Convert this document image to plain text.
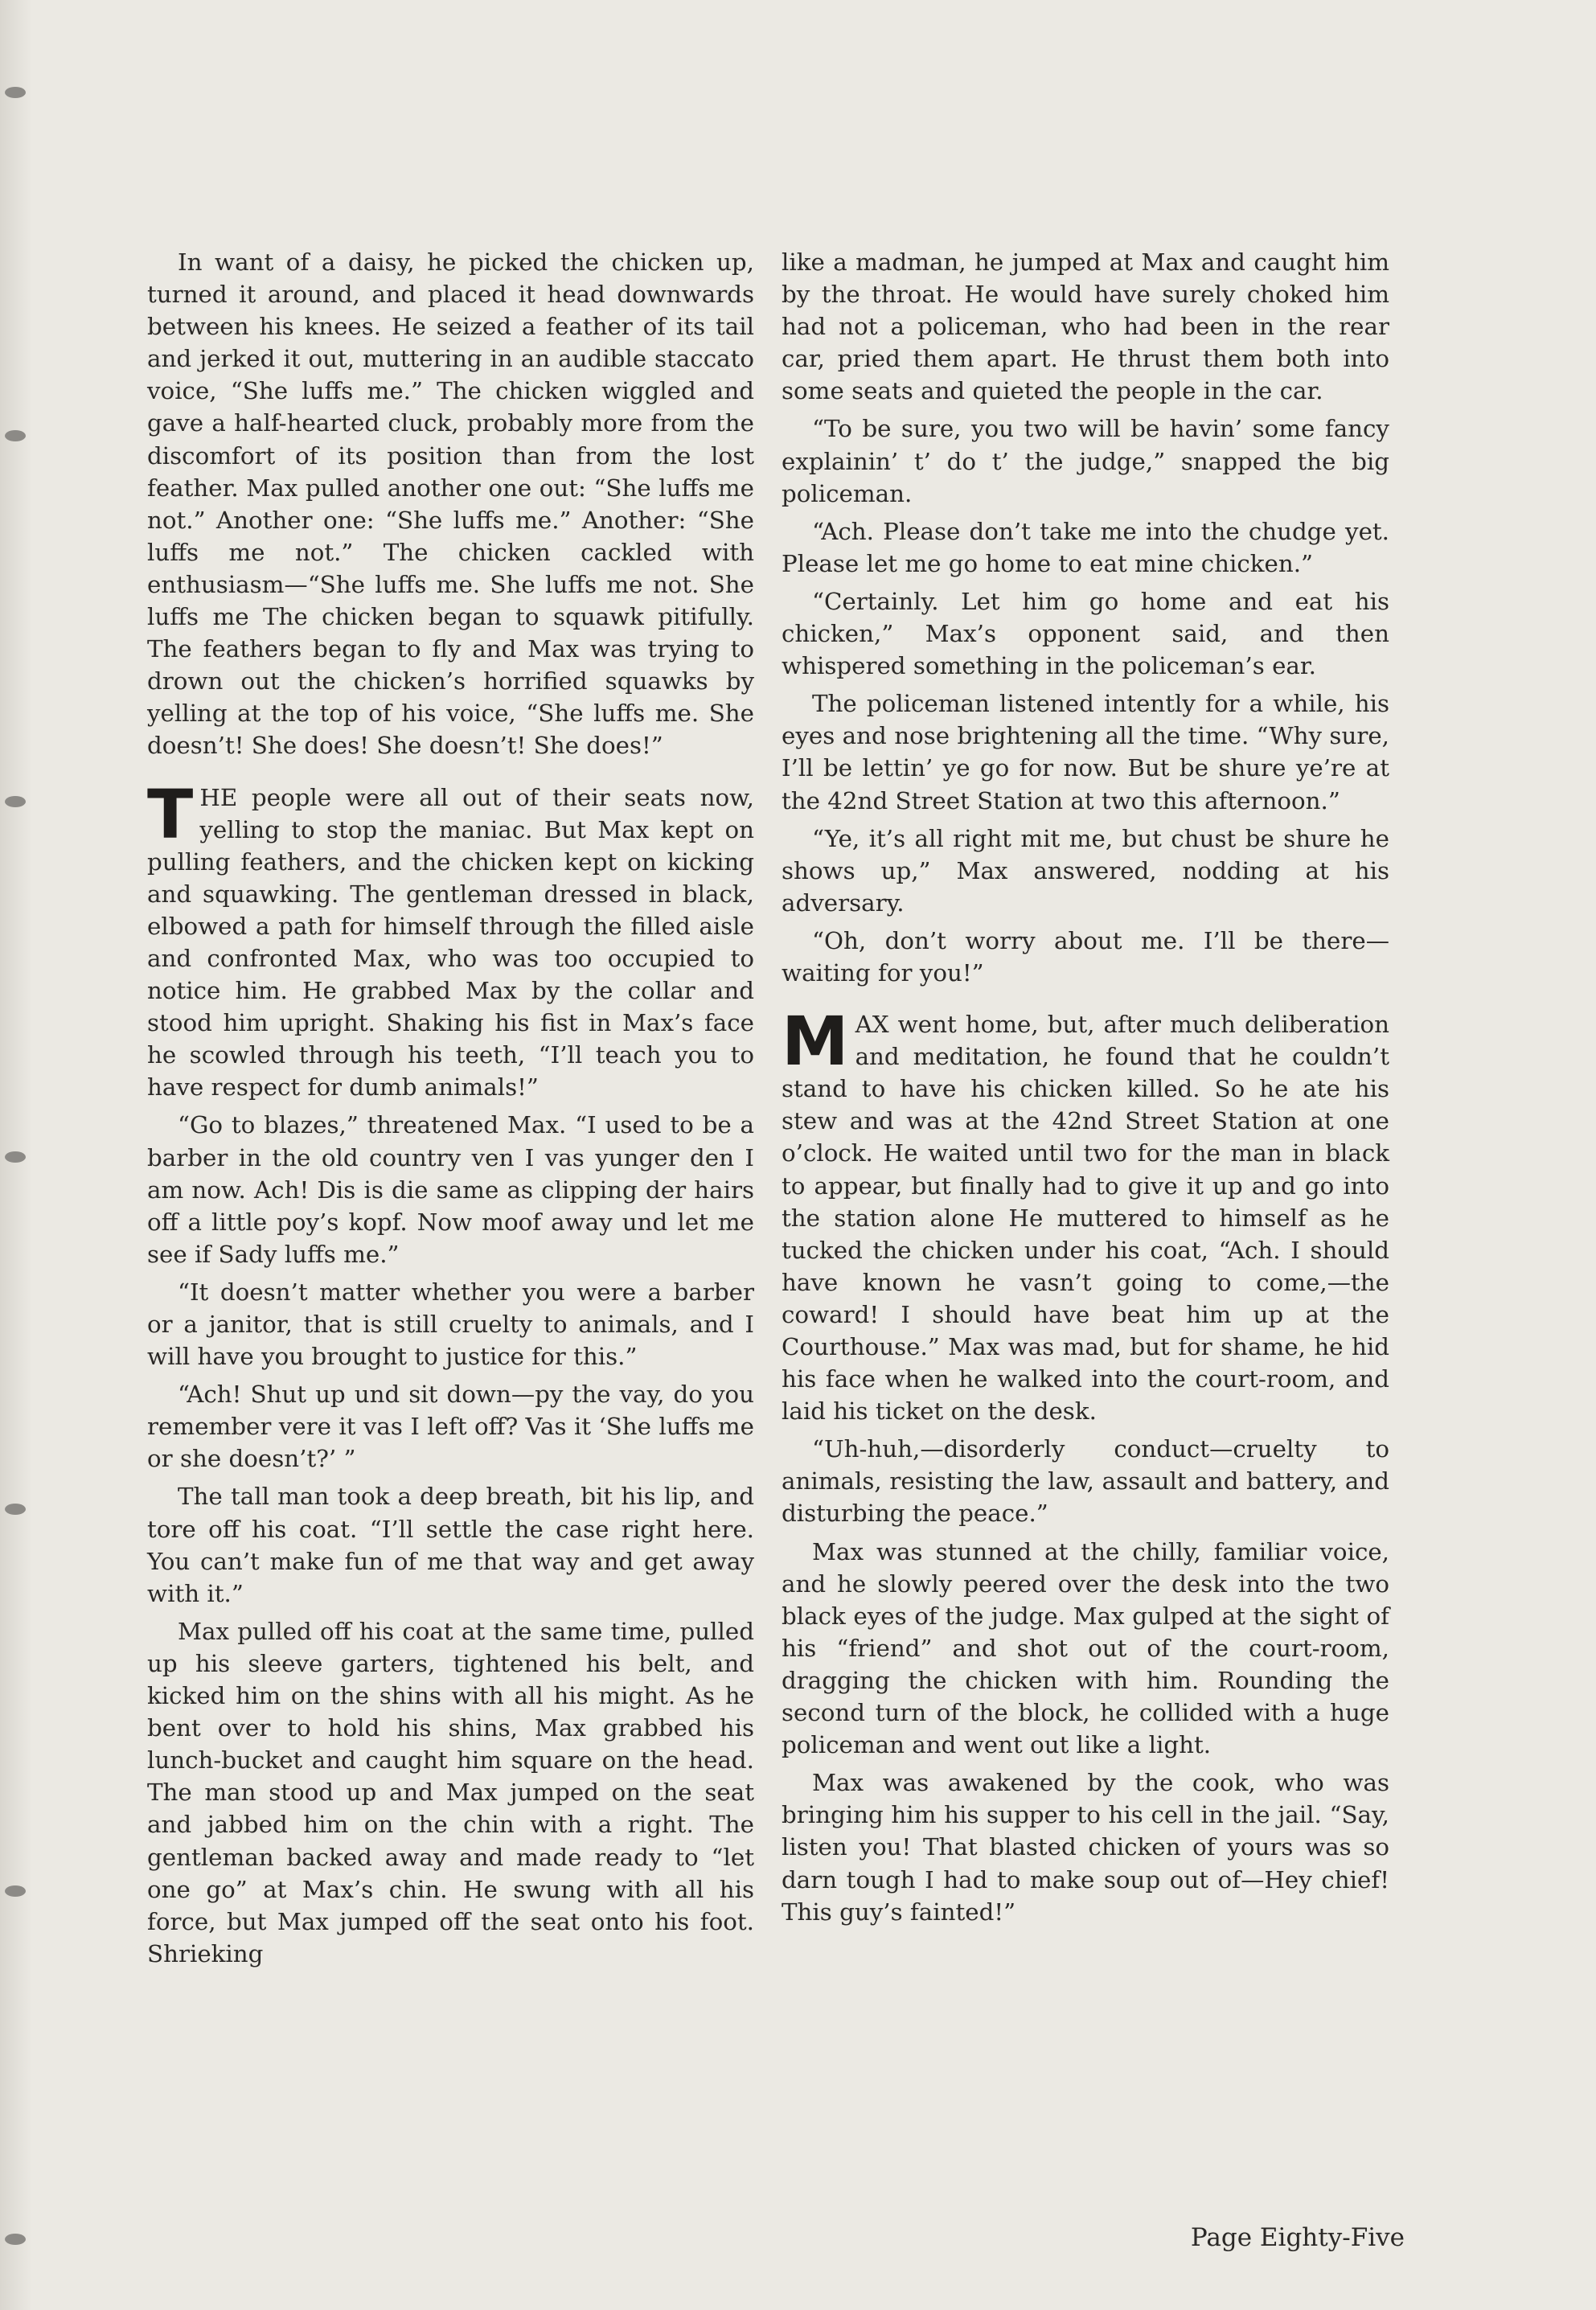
In want of a daisy, he picked the chicken up, turned it around, and placed it head downwards between his knees. He seized a feather of its tail and jerked it out, muttering in an audible staccato voice, “She luffs me.” The chicken wiggled and gave a half-hearted cluck, probably more from the discomfort of its position than from the lost feather. Max pulled another one out: “She luffs me not.” Another one: “She luffs me.” Another: “She luffs me not.” The chicken cackled with enthusiasm—“She luffs me. She luffs me not. She luffs me The chicken began to squawk pitifully. The feathers began to fly and Max was trying to drown out the chicken’s horrified squawks by yelling at the top of his voice, “She luffs me. She doesn’t! She does! She doesn’t! She does!”

THE people were all out of their seats now, yelling to stop the maniac. But Max kept on pulling feathers, and the chicken kept on kicking and squawking. The gentleman dressed in black, elbowed a path for himself through the filled aisle and confronted Max, who was too occupied to notice him. He grabbed Max by the collar and stood him upright. Shaking his fist in Max’s face he scowled through his teeth, “I’ll teach you to have respect for dumb animals!”

“Go to blazes,” threatened Max. “I used to be a barber in the old country ven I vas yunger den I am now. Ach! Dis is die same as clipping der hairs off a little poy’s kopf. Now moof away und let me see if Sady luffs me.”

“It doesn’t matter whether you were a barber or a janitor, that is still cruelty to animals, and I will have you brought to justice for this.”

“Ach! Shut up und sit down—py the vay, do you remember vere it vas I left off? Vas it ‘She luffs me or she doesn’t?’ ”

The tall man took a deep breath, bit his lip, and tore off his coat. “I’ll settle the case right here. You can’t make fun of me that way and get away with it.”

Max pulled off his coat at the same time, pulled up his sleeve garters, tightened his belt, and kicked him on the shins with all his might. As he bent over to hold his shins, Max grabbed his lunch-bucket and caught him square on the head. The man stood up and Max jumped on the seat and jabbed him on the chin with a right. The gentleman backed away and made ready to “let one go” at Max’s chin. He swung with all his force, but Max jumped off the seat onto his foot. Shrieking

like a madman, he jumped at Max and caught him by the throat. He would have surely choked him had not a policeman, who had been in the rear car, pried them apart. He thrust them both into some seats and quieted the people in the car.

“To be sure, you two will be havin’ some fancy explainin’ t’ do t’ the judge,” snapped the big policeman.

“Ach. Please don’t take me into the chudge yet. Please let me go home to eat mine chicken.”

“Certainly. Let him go home and eat his chicken,” Max’s opponent said, and then whispered something in the policeman’s ear.

The policeman listened intently for a while, his eyes and nose brightening all the time. “Why sure, I’ll be lettin’ ye go for now. But be shure ye’re at the 42nd Street Station at two this afternoon.”

“Ye, it’s all right mit me, but chust be shure he shows up,” Max answered, nodding at his adversary.

“Oh, don’t worry about me. I’ll be there—waiting for you!”

MAX went home, but, after much deliberation and meditation, he found that he couldn’t stand to have his chicken killed. So he ate his stew and was at the 42nd Street Station at one o’clock. He waited until two for the man in black to appear, but finally had to give it up and go into the station alone He muttered to himself as he tucked the chicken under his coat, “Ach. I should have known he vasn’t going to come,—the coward! I should have beat him up at the Courthouse.” Max was mad, but for shame, he hid his face when he walked into the court-room, and laid his ticket on the desk.

“Uh-huh,—disorderly conduct—cruelty to animals, resisting the law, assault and battery, and disturbing the peace.”

Max was stunned at the chilly, familiar voice, and he slowly peered over the desk into the two black eyes of the judge. Max gulped at the sight of his “friend” and shot out of the court-room, dragging the chicken with him. Rounding the second turn of the block, he collided with a huge policeman and went out like a light.

Max was awakened by the cook, who was bringing him his supper to his cell in the jail. “Say, listen you! That blasted chicken of yours was so darn tough I had to make soup out of—Hey chief! This guy’s fainted!”

Page Eighty-Five
